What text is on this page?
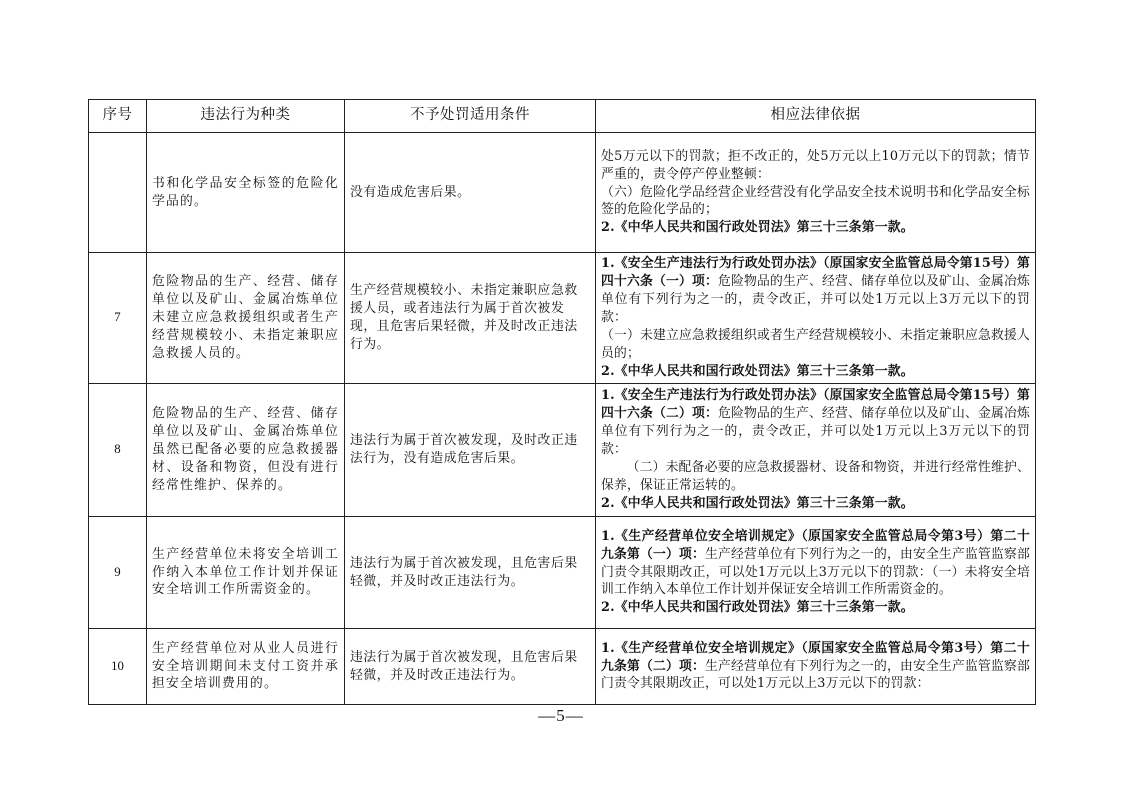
序号	违法行为种类	不予处罚适用条件	相应法律依据
	书和化学品安全标签的危险化学品的。	没有造成危害后果。	处5万元以下的罚款；拒不改正的，处5万元以上10万元以下的罚款；情节严重的，责令停产停业整顿：

（六）危险化学品经营企业经营没有化学品安全技术说明书和化学品安全标签的危险化学品的；

2.《中华人民共和国行政处罚法》第三十三条第一款。

7	危险物品的生产、经营、储存单位以及矿山、金属冶炼单位未建立应急救援组织或者生产经营规模较小、未指定兼职应急救援人员的。	生产经营规模较小、未指定兼职应急救援人员，或者违法行为属于首次被发现，且危害后果轻微，并及时改正违法行为。	1.《安全生产违法行为行政处罚办法》（原国家安全监管总局令第15号）第四十六条（一）项：危险物品的生产、经营、储存单位以及矿山、金属冶炼单位有下列行为之一的，责令改正，并可以处1万元以上3万元以下的罚款：

（一）未建立应急救援组织或者生产经营规模较小、未指定兼职应急救援人员的；

2.《中华人民共和国行政处罚法》第三十三条第一款。

8	危险物品的生产、经营、储存单位以及矿山、金属冶炼单位虽然已配备必要的应急救援器材、设备和物资，但没有进行经常性维护、保养的。	违法行为属于首次被发现，及时改正违法行为，没有造成危害后果。	1.《安全生产违法行为行政处罚办法》（原国家安全监管总局令第15号）第四十六条（二）项：危险物品的生产、经营、储存单位以及矿山、金属冶炼单位有下列行为之一的，责令改正，并可以处1万元以上3万元以下的罚款：

（二）未配备必要的应急救援器材、设备和物资，并进行经常性维护、保养，保证正常运转的。

2.《中华人民共和国行政处罚法》第三十三条第一款。

9	生产经营单位未将安全培训工作纳入本单位工作计划并保证安全培训工作所需资金的。	违法行为属于首次被发现，且危害后果轻微，并及时改正违法行为。	1.《生产经营单位安全培训规定》（原国家安全监管总局令第3号）第二十九条第（一）项：生产经营单位有下列行为之一的，由安全生产监管监察部门责令其限期改正，可以处1万元以上3万元以下的罚款：（一）未将安全培训工作纳入本单位工作计划并保证安全培训工作所需资金的。

2.《中华人民共和国行政处罚法》第三十三条第一款。

10	生产经营单位对从业人员进行安全培训期间未支付工资并承担安全培训费用的。	违法行为属于首次被发现，且危害后果轻微，并及时改正违法行为。	1.《生产经营单位安全培训规定》（原国家安全监管总局令第3号）第二十九条第（二）项：生产经营单位有下列行为之一的，由安全生产监管监察部门责令其限期改正，可以处1万元以上3万元以下的罚款：

—5—
